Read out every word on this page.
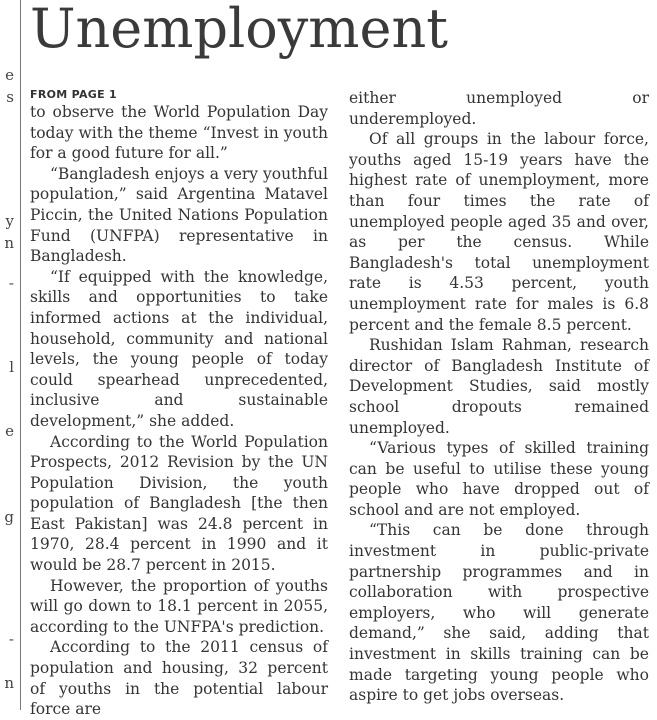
e
s
y
n
-
l
e
g
-
n
Unemployment
FROM PAGE 1

to observe the World Population Day today with the theme “Invest in youth for a good future for all.”

“Bangladesh enjoys a very youthful population,” said Argentina Matavel Piccin, the United Nations Population Fund (UNFPA) representative in Bangladesh.

“If equipped with the knowledge, skills and opportunities to take informed actions at the individual, household, community and national levels, the young people of today could spearhead unprecedented, inclusive and sustainable development,” she added.

According to the World Population Prospects, 2012 Revision by the UN Population Division, the youth population of Bangladesh [the then East Pakistan] was 24.8 percent in 1970, 28.4 percent in 1990 and it would be 28.7 percent in 2015.

However, the proportion of youths will go down to 18.1 percent in 2055, according to the UNFPA's prediction.

According to the 2011 census of population and housing, 32 percent of youths in the potential labour force are

either unemployed or underemployed.

Of all groups in the labour force, youths aged 15-19 years have the highest rate of unemployment, more than four times the rate of unemployed people aged 35 and over, as per the census. While Bangladesh's total unemployment rate is 4.53 percent, youth unemployment rate for males is 6.8 percent and the female 8.5 percent.

Rushidan Islam Rahman, research director of Bangladesh Institute of Development Studies, said mostly school dropouts remained unemployed.

“Various types of skilled training can be useful to utilise these young people who have dropped out of school and are not employed.

“This can be done through investment in public-private partnership programmes and in collaboration with prospective employers, who will generate demand,” she said, adding that investment in skills training can be made targeting young people who aspire to get jobs overseas.
